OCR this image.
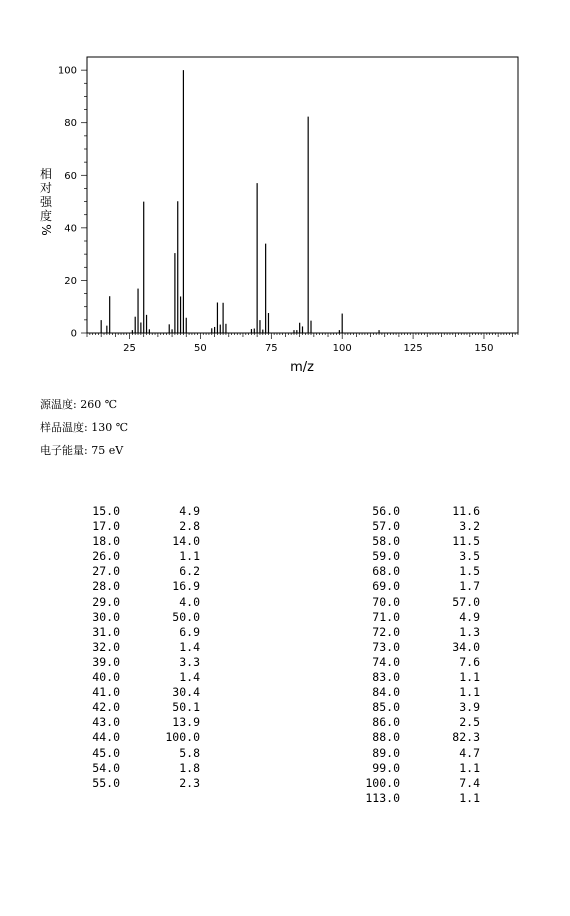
25	50	75	100	125	150
0
20
40
60
80
100
m/z
相
对
强
度
%
源温度: 260 ℃
样品温度: 130 ℃
电子能量: 75 eV
15.0	4.9
17.0	2.8
18.0	14.0
26.0	1.1
27.0	6.2
28.0	16.9
29.0	4.0
30.0	50.0
31.0	6.9
32.0	1.4
39.0	3.3
40.0	1.4
41.0	30.4
42.0	50.1
43.0	13.9
44.0	100.0
45.0	5.8
54.0	1.8
55.0	2.3
56.0	11.6
57.0	3.2
58.0	11.5
59.0	3.5
68.0	1.5
69.0	1.7
70.0	57.0
71.0	4.9
72.0	1.3
73.0	34.0
74.0	7.6
83.0	1.1
84.0	1.1
85.0	3.9
86.0	2.5
88.0	82.3
89.0	4.7
99.0	1.1
100.0	7.4
113.0	1.1
